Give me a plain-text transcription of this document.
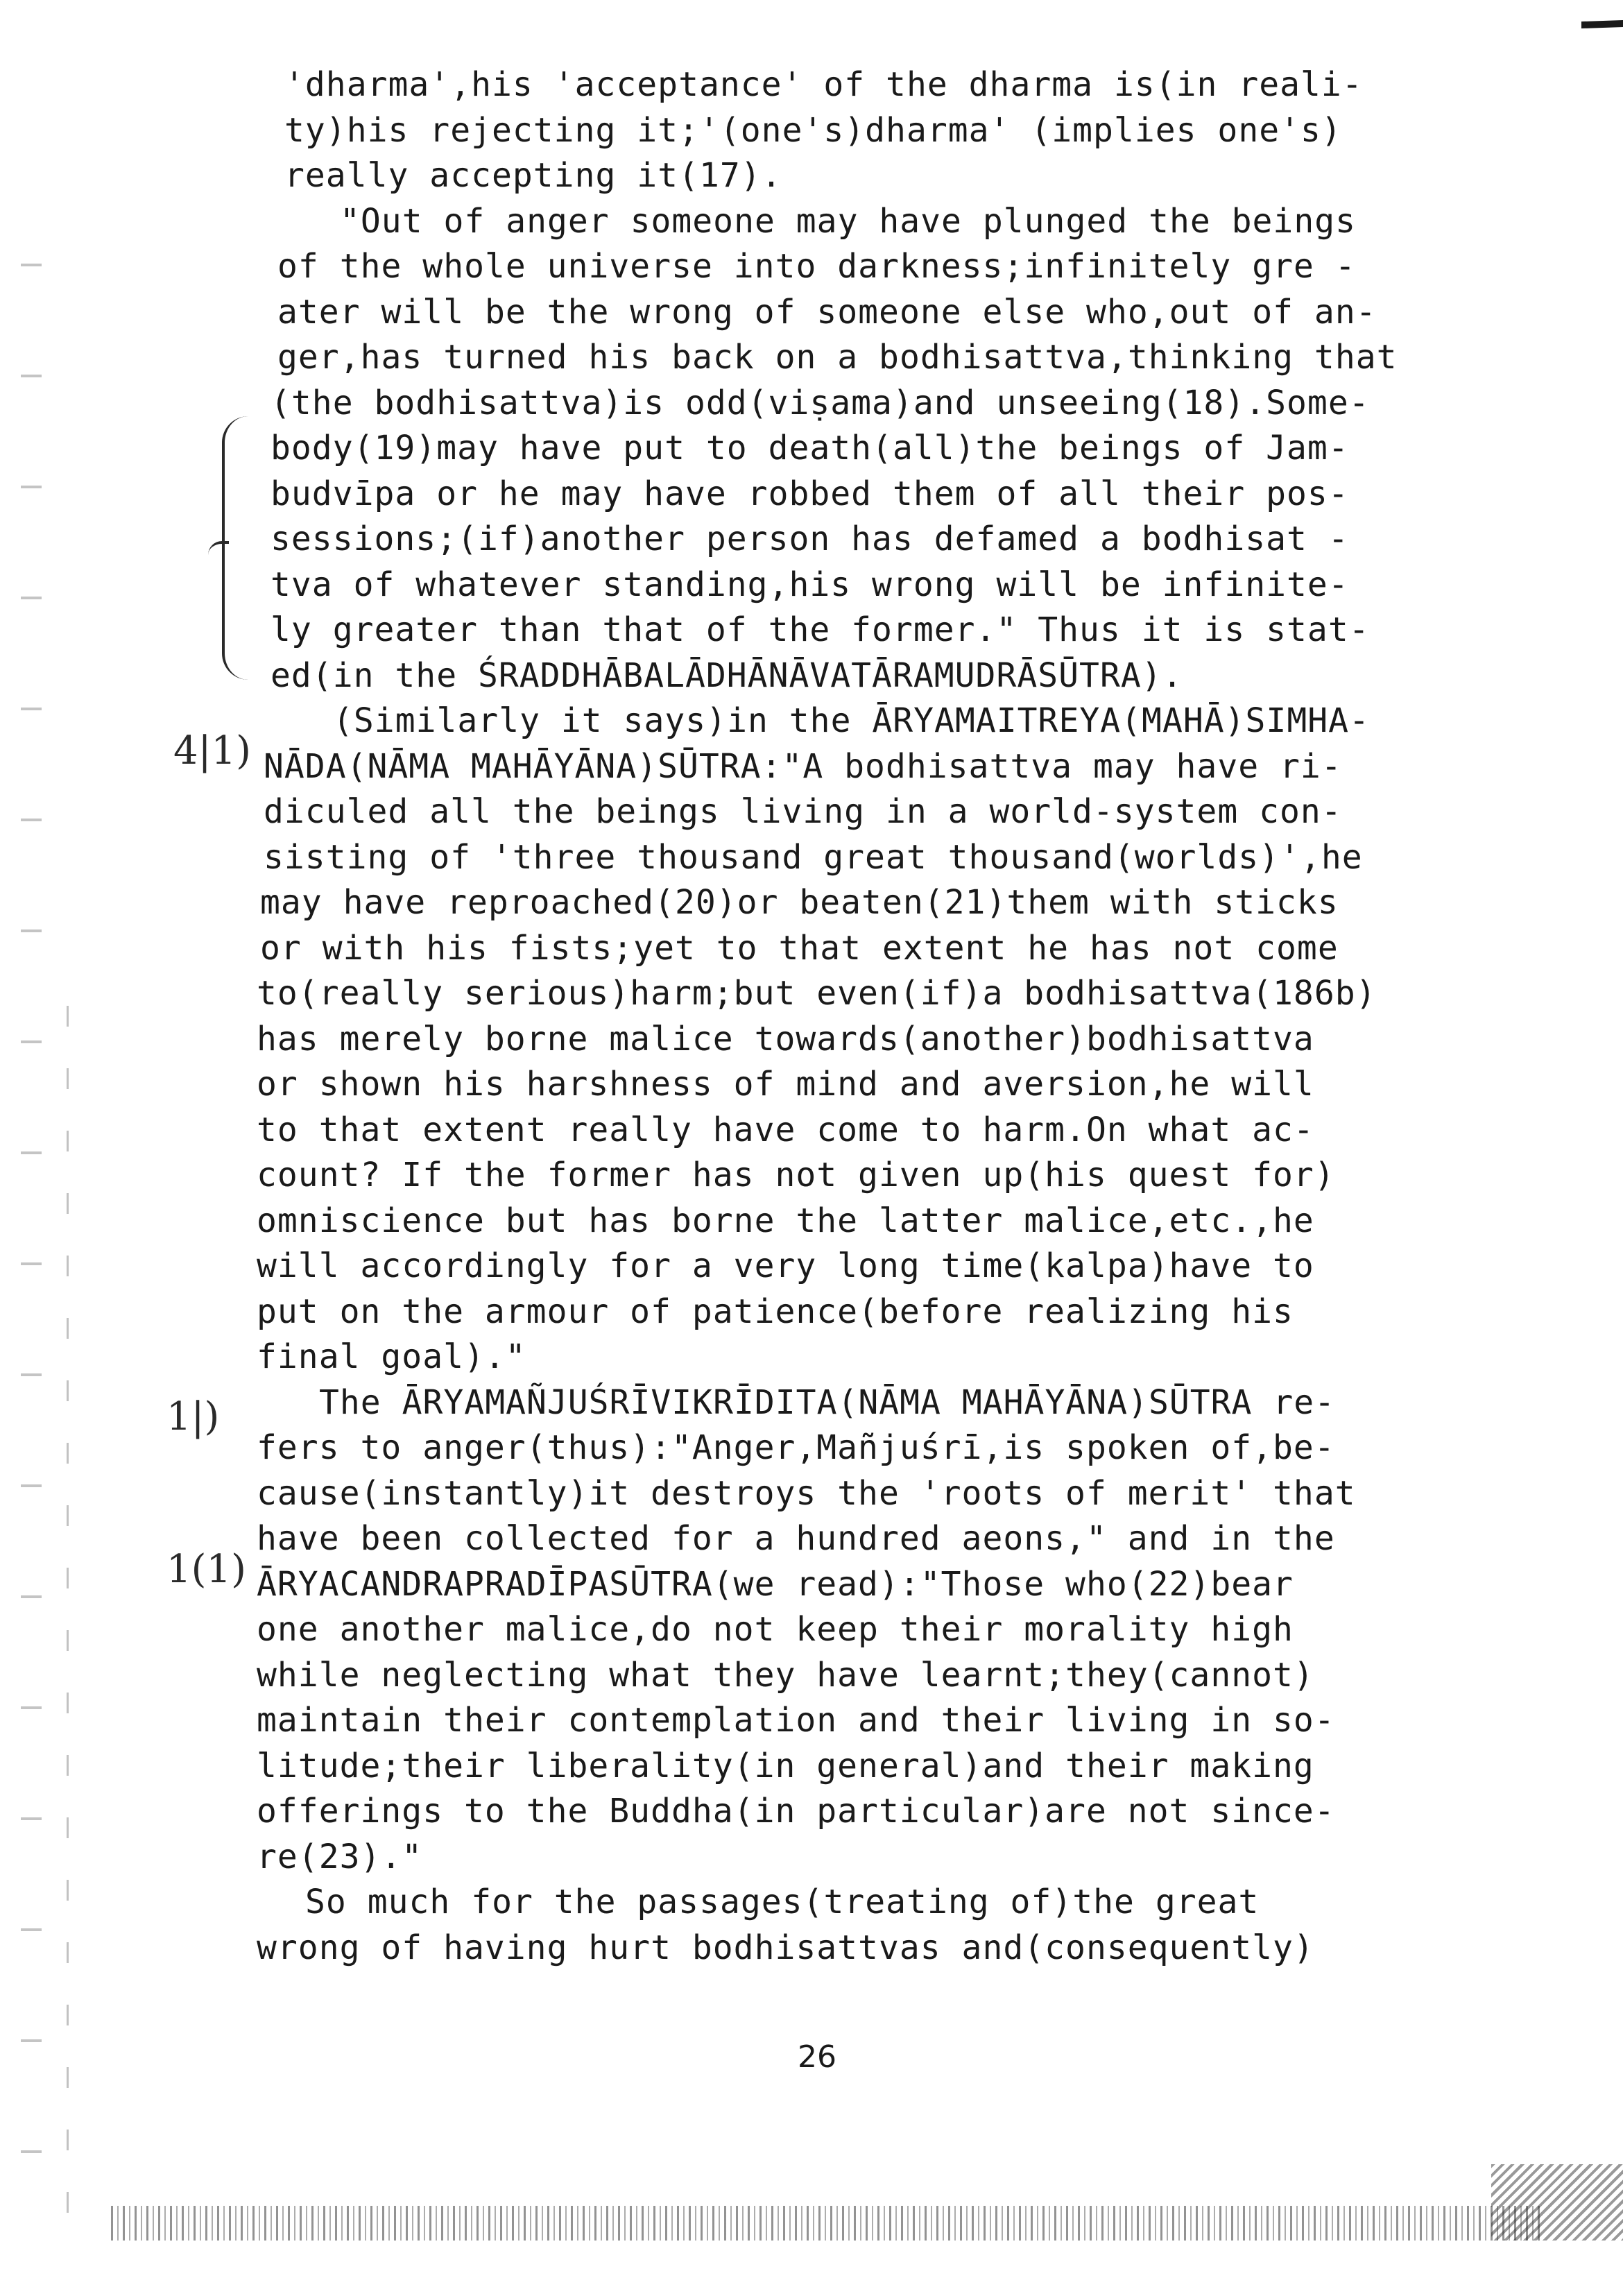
4|1)
1|)
1(1)
'dharma',his 'acceptance' of the dharma is(in reali-
ty)his rejecting it;'(one's)dharma' (implies one's)
really accepting it(17).
"Out of anger someone may have plunged the beings
of the whole universe into darkness;infinitely gre -
ater will be the wrong of someone else who,out of an-
ger,has turned his back on a bodhisattva,thinking that
(the bodhisattva)is odd(viṣama)and unseeing(18).Some-
body(19)may have put to death(all)the beings of Jam-
budvīpa or he may have robbed them of all their pos-
sessions;(if)another person has defamed a bodhisat -
tva of whatever standing,his wrong will be infinite-
ly greater than that of the former." Thus it is stat-
ed(in the ŚRADDHĀBALĀDHĀNĀVATĀRAMUDRĀSŪTRA).
(Similarly it says)in the ĀRYAMAITREYA(MAHĀ)SIMHA-
NĀDA(NĀMA MAHĀYĀNA)SŪTRA:"A bodhisattva may have ri-
diculed all the beings living in a world-system con-
sisting of 'three thousand great thousand(worlds)',he
may have reproached(20)or beaten(21)them with sticks
or with his fists;yet to that extent he has not come
to(really serious)harm;but even(if)a bodhisattva(186b)
has merely borne malice towards(another)bodhisattva
or shown his harshness of mind and aversion,he will
to that extent really have come to harm.On what ac-
count? If the former has not given up(his quest for)
omniscience but has borne the latter malice,etc.,he
will accordingly for a very long time(kalpa)have to
put on the armour of patience(before realizing his
final goal)."
The ĀRYAMAÑJUŚRĪVIKRĪDITA(NĀMA MAHĀYĀNA)SŪTRA re-
fers to anger(thus):"Anger,Mañjuśrī,is spoken of,be-
cause(instantly)it destroys the 'roots of merit' that
have been collected for a hundred aeons," and in the
ĀRYACANDRAPRADĪPASŪTRA(we read):"Those who(22)bear
one another malice,do not keep their morality high
while neglecting what they have learnt;they(cannot)
maintain their contemplation and their living in so-
litude;their liberality(in general)and their making
offerings to the Buddha(in particular)are not since-
re(23)."
So much for the passages(treating of)the great
wrong of having hurt bodhisattvas and(consequently)
26
